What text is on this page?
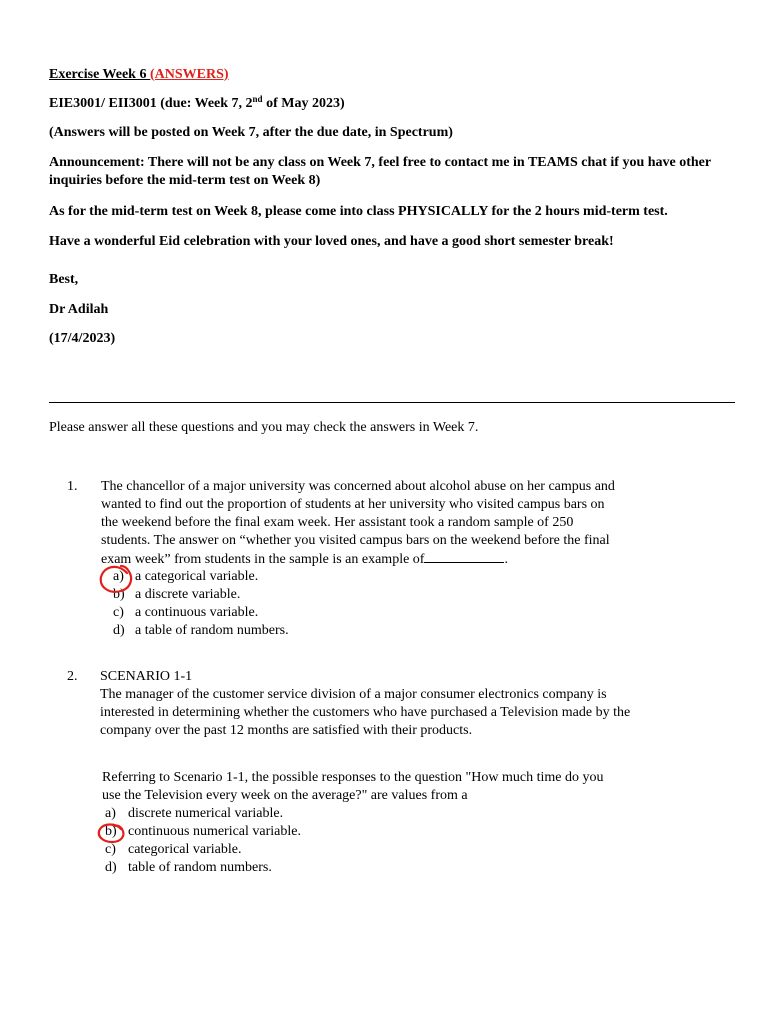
Exercise Week 6 (ANSWERS)
EIE3001/ EII3001 (due: Week 7, 2nd of May 2023)
(Answers will be posted on Week 7, after the due date, in Spectrum)
Announcement: There will not be any class on Week 7, feel free to contact me in TEAMS chat if you have other
inquiries before the mid-term test on Week 8)
As for the mid-term test on Week 8, please come into class PHYSICALLY for the 2 hours mid-term test.
Have a wonderful Eid celebration with your loved ones, and have a good short semester break!
Best,
Dr Adilah
(17/4/2023)
Please answer all these questions and you may check the answers in Week 7.
1. The chancellor of a major university was concerned about alcohol abuse on her campus and
wanted to find out the proportion of students at her university who visited campus bars on
the weekend before the final exam week. Her assistant took a random sample of 250
students. The answer on “whether you visited campus bars on the weekend before the final
exam week” from students in the sample is an example of	.
a) a categorical variable.
b) a discrete variable.
c) a continuous variable.
d) a table of random numbers.
2. SCENARIO 1-1
The manager of the customer service division of a major consumer electronics company is
interested in determining whether the customers who have purchased a Television made by the
company over the past 12 months are satisfied with their products.
Referring to Scenario 1-1, the possible responses to the question "How much time do you
use the Television every week on the average?" are values from a
a) discrete numerical variable.
b) continuous numerical variable.
c) categorical variable.
d) table of random numbers.
